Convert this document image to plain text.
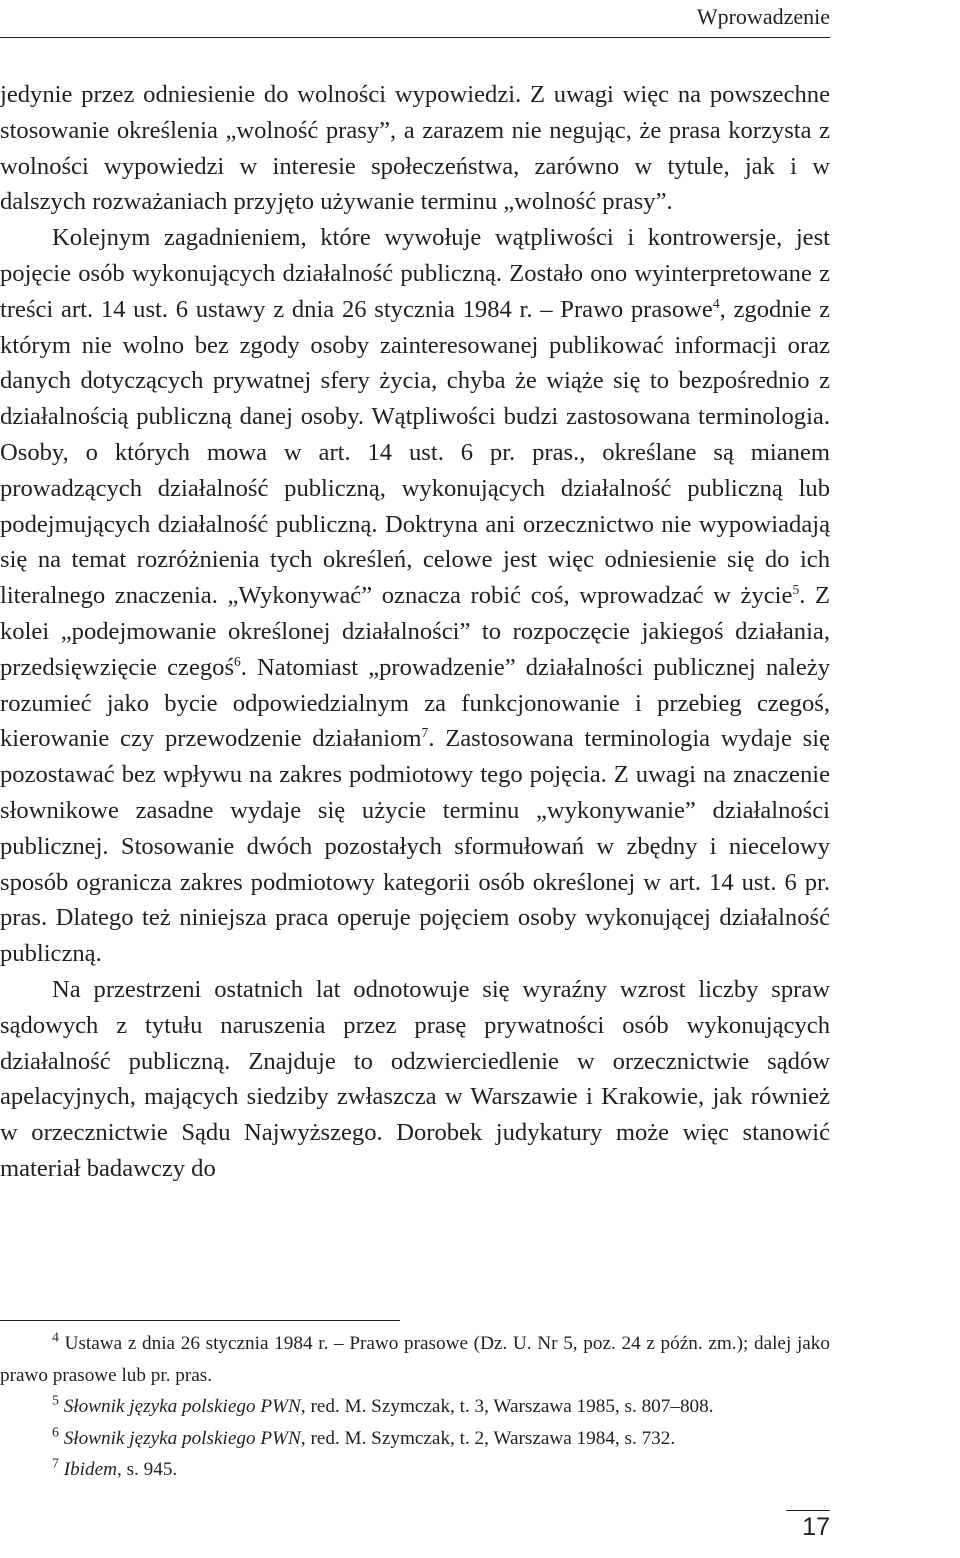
Wprowadzenie

jedynie przez odniesienie do wolności wypowiedzi. Z uwagi więc na powszechne stosowanie określenia „wolność prasy”, a zarazem nie negując, że prasa korzysta z wolności wypowiedzi w interesie społeczeństwa, zarówno w tytule, jak i w dalszych rozważaniach przyjęto używanie terminu „wolność prasy”.

Kolejnym zagadnieniem, które wywołuje wątpliwości i kontrowersje, jest pojęcie osób wykonujących działalność publiczną. Zostało ono wyinterpretowane z treści art. 14 ust. 6 ustawy z dnia 26 stycznia 1984 r. – Prawo prasowe$^4$, zgodnie z którym nie wolno bez zgody osoby zainteresowanej publikować informacji oraz danych dotyczących prywatnej sfery życia, chyba że wiąże się to bezpośrednio z działalnością publiczną danej osoby. Wątpliwości budzi zastosowana terminologia. Osoby, o których mowa w art. 14 ust. 6 pr. pras., określane są mianem prowadzących działalność publiczną, wykonujących działalność publiczną lub podejmujących działalność publiczną. Doktryna ani orzecznictwo nie wypowiadają się na temat rozróżnienia tych określeń, celowe jest więc odniesienie się do ich literalnego znaczenia. „Wykonywać” oznacza robić coś, wprowadzać w życie$^5$. Z kolei „podejmowanie określonej działalności” to rozpoczęcie jakiegoś działania, przedsięwzięcie czegoś$^6$. Natomiast „prowadzenie” działalności publicznej należy rozumieć jako bycie odpowiedzialnym za funkcjonowanie i przebieg czegoś, kierowanie czy przewodzenie działaniom$^7$. Zastosowana terminologia wydaje się pozostawać bez wpływu na zakres podmiotowy tego pojęcia. Z uwagi na znaczenie słownikowe zasadne wydaje się użycie terminu „wykonywanie” działalności publicznej. Stosowanie dwóch pozostałych sformułowań w zbędny i niecelowy sposób ogranicza zakres podmiotowy kategorii osób określonej w art. 14 ust. 6 pr. pras. Dlatego też niniejsza praca operuje pojęciem osoby wykonującej działalność publiczną.

Na przestrzeni ostatnich lat odnotowuje się wyraźny wzrost liczby spraw sądowych z tytułu naruszenia przez prasę prywatności osób wykonujących działalność publiczną. Znajduje to odzwierciedlenie w orzecznictwie sądów apelacyjnych, mających siedziby zwłaszcza w Warszawie i Krakowie, jak również w orzecznictwie Sądu Najwyższego. Dorobek judykatury może więc stanowić materiał badawczy do

$^4$ Ustawa z dnia 26 stycznia 1984 r. – Prawo prasowe (Dz. U. Nr 5, poz. 24 z późn. zm.); dalej jako prawo prasowe lub pr. pras.

$^5$ Słownik języka polskiego PWN, red. M. Szymczak, t. 3, Warszawa 1985, s. 807–808.

$^6$ Słownik języka polskiego PWN, red. M. Szymczak, t. 2, Warszawa 1984, s. 732.

$^7$ Ibidem, s. 945.

17
